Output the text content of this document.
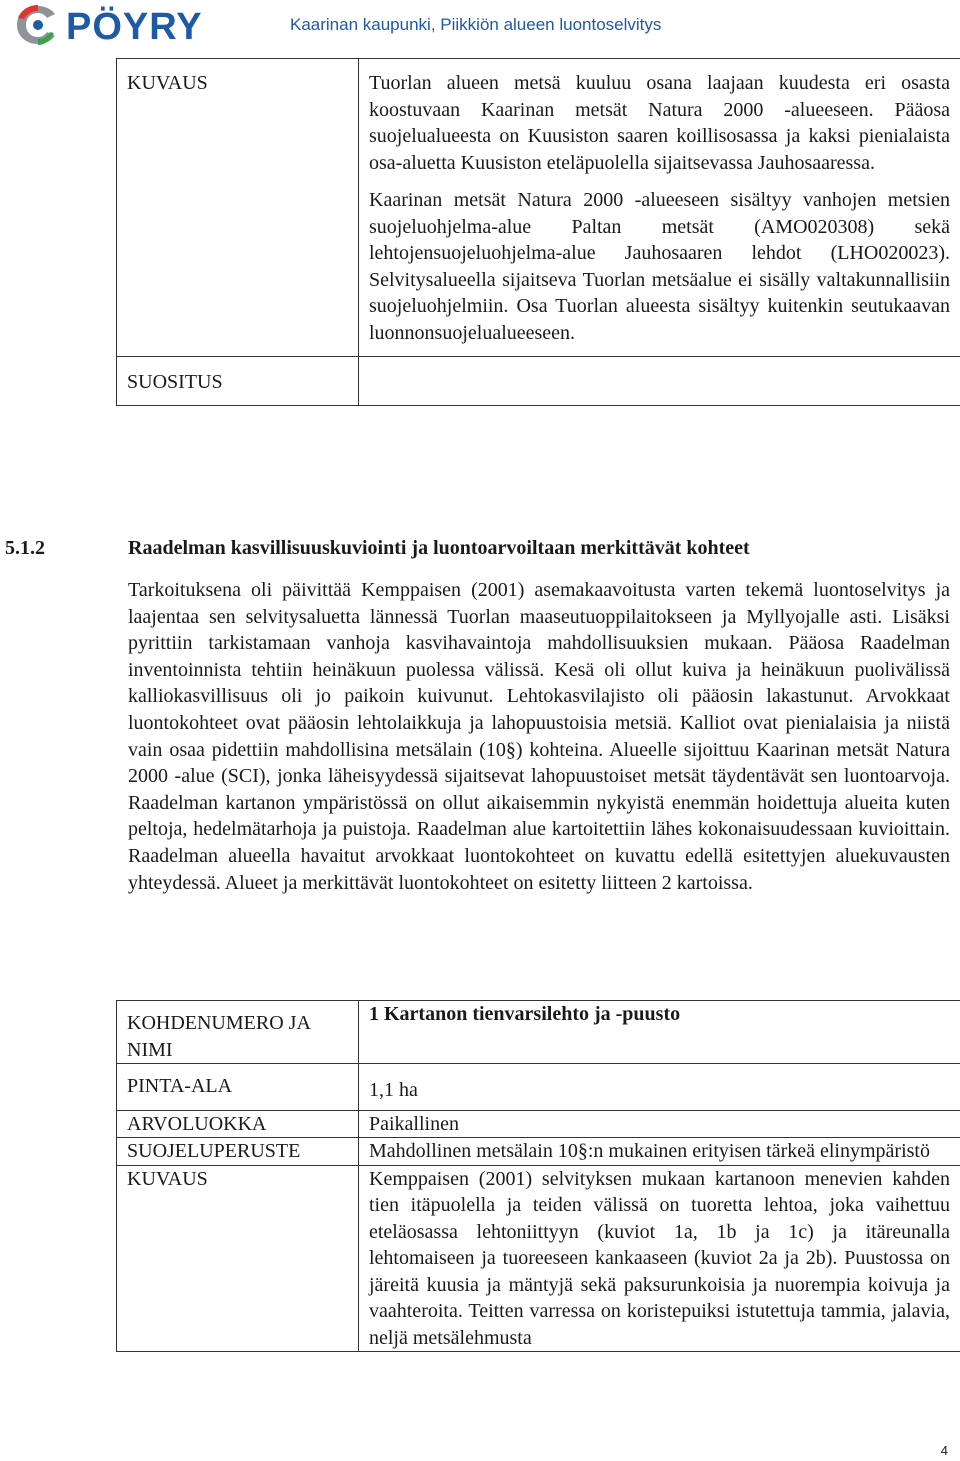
PÖYRY	Kaarinan kaupunki, Piikkiön alueen luontoselvitys
KUVAUS	Tuorlan alueen metsä kuuluu osana laajaan kuudesta eri osasta koostuvaan Kaarinan metsät Natura 2000 -alueeseen. Pääosa suojelualueesta on Kuusiston saaren koillisosassa ja kaksi pienialaista osa-aluetta Kuusiston eteläpuolella sijaitsevassa Jauhosaaressa.

Kaarinan metsät Natura 2000 -alueeseen sisältyy vanhojen metsien suojeluohjelma-alue Paltan metsät (AMO020308) sekä lehtojensuojeluohjelma-alue Jauhosaaren lehdot (LHO020023). Selvitysalueella sijaitseva Tuorlan metsäalue ei sisälly valtakunnallisiin suojeluohjelmiin. Osa Tuorlan alueesta sisältyy kuitenkin seutukaavan luonnonsuojelualueeseen.

SUOSITUS	
5.1.2	Raadelman kasvillisuuskuviointi ja luontoarvoiltaan merkittävät kohteet
Tarkoituksena oli päivittää Kemppaisen (2001) asemakaavoitusta varten tekemä luontoselvitys ja laajentaa sen selvitysaluetta lännessä Tuorlan maaseutuoppilaitokseen ja Myllyojalle asti. Lisäksi pyrittiin tarkistamaan vanhoja kasvihavaintoja mahdollisuuksien mukaan. Pääosa Raadelman inventoinnista tehtiin heinäkuun puolessa välissä. Kesä oli ollut kuiva ja heinäkuun puolivälissä kalliokasvillisuus oli jo paikoin kuivunut. Lehtokasvilajisto oli pääosin lakastunut. Arvokkaat luontokohteet ovat pääosin lehtolaikkuja ja lahopuustoisia metsiä. Kalliot ovat pienialaisia ja niistä vain osaa pidettiin mahdollisina metsälain (10§) kohteina. Alueelle sijoittuu Kaarinan metsät Natura 2000 -alue (SCI), jonka läheisyydessä sijaitsevat lahopuustoiset metsät täydentävät sen luontoarvoja. Raadelman kartanon ympäristössä on ollut aikaisemmin nykyistä enemmän hoidettuja alueita kuten peltoja, hedelmätarhoja ja puistoja. Raadelman alue kartoitettiin lähes kokonaisuudessaan kuvioittain. Raadelman alueella havaitut arvokkaat luontokohteet on kuvattu edellä esitettyjen aluekuvausten yhteydessä. Alueet ja merkittävät luontokohteet on esitetty liitteen 2 kartoissa.
KOHDENUMERO JA NIMI	1 Kartanon tienvarsilehto ja -puusto
PINTA-ALA	1,1 ha
ARVOLUOKKA	Paikallinen
SUOJELUPERUSTE	Mahdollinen metsälain 10§:n mukainen erityisen tärkeä elinympäristö
KUVAUS	Kemppaisen (2001) selvityksen mukaan kartanoon menevien kahden tien itäpuolella ja teiden välissä on tuoretta lehtoa, joka vaihettuu eteläosassa lehtoniittyyn (kuviot 1a, 1b ja 1c) ja itäreunalla lehtomaiseen ja tuoreeseen kankaaseen (kuviot 2a ja 2b). Puustossa on järeitä kuusia ja mäntyjä sekä paksurunkoisia ja nuorempia koivuja ja vaahteroita. Teitten varressa on koristepuiksi istutettuja tammia, jalavia, neljä metsälehmusta
4
